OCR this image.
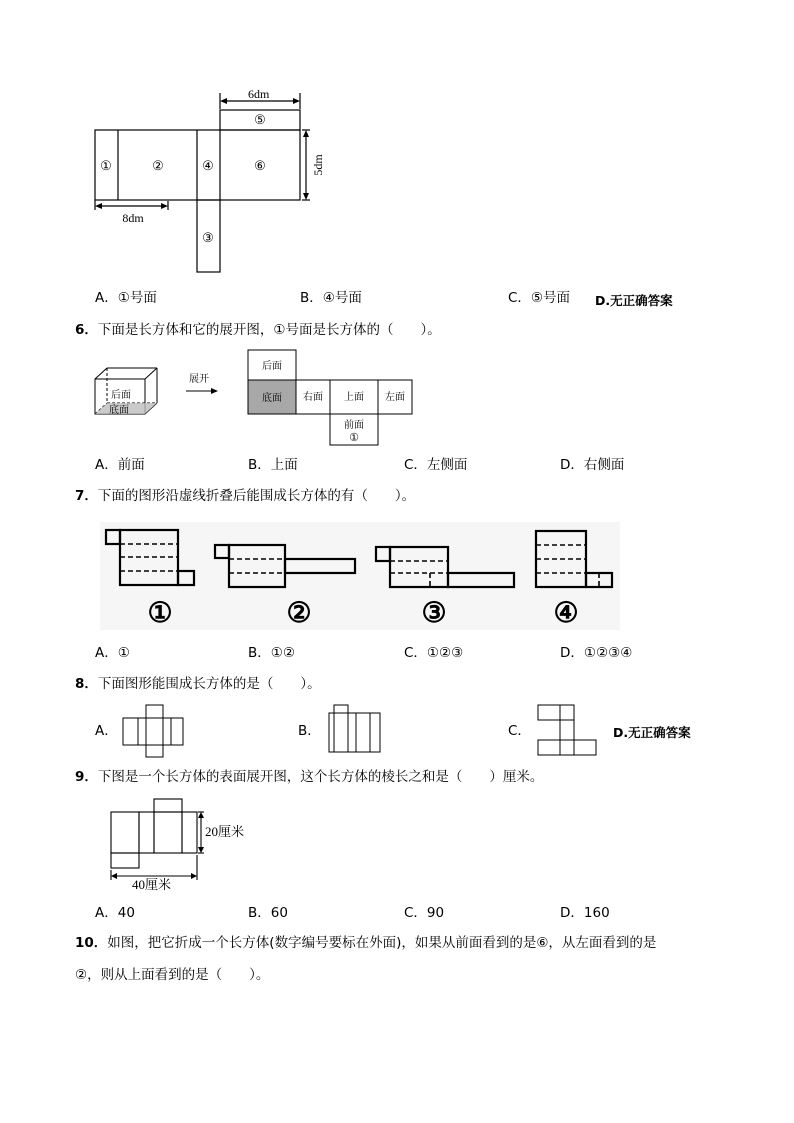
6dm
5dm
8dm
①	②	④	⑥
⑤
③
A．①号面	B．④号面	C．⑤号面 D.无正确答案
6．下面是长方体和它的展开图，①号面是长方体的（　　）。
后面
底面
展开
后面
底面 右面 上面 左面
前面
①
A．前面	B．上面	C．左侧面	D．右侧面
7．下面的图形沿虚线折叠后能围成长方体的有（　　）。
①	②	③	④
A．①	B．①②	C．①②③	D．①②③④
8．下面图形能围成长方体的是（　　）。
A．	B．	C．	D.无正确答案
9．下图是一个长方体的表面展开图，这个长方体的棱长之和是（　　）厘米。
20厘米
40厘米
A．40	B．60	C．90	D．160
10．如图，把它折成一个长方体(数字编号要标在外面)，如果从前面看到的是⑥，从左面看到的是
②，则从上面看到的是（　　）。
